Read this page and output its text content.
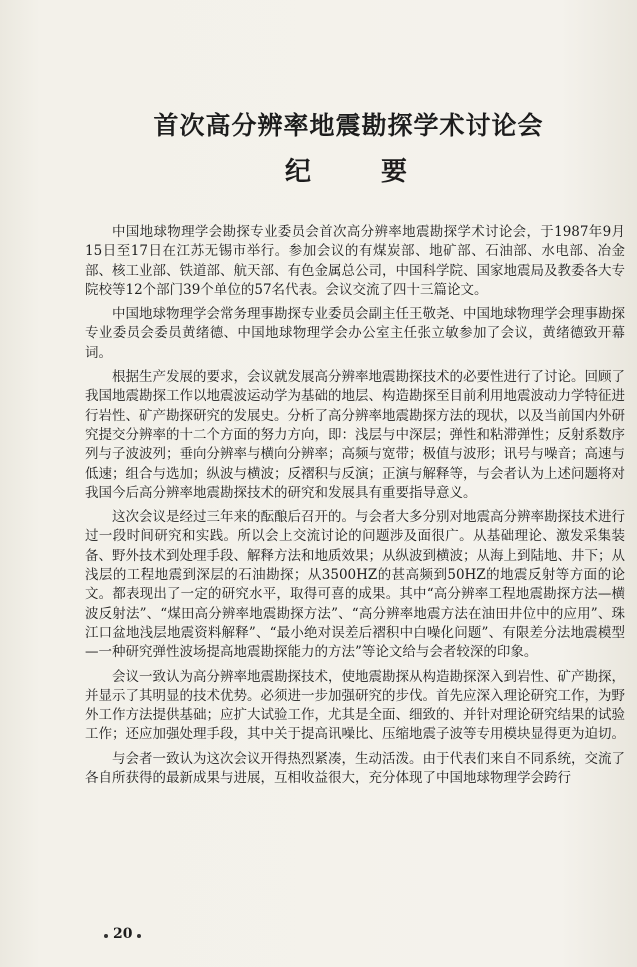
首次高分辨率地震勘探学术讨论会
纪要

中国地球物理学会勘探专业委员会首次高分辨率地震勘探学术讨论会，于1987年9月15日至17日在江苏无锡市举行。参加会议的有煤炭部、地矿部、石油部、水电部、冶金部、核工业部、铁道部、航天部、有色金属总公司，中国科学院、国家地震局及教委各大专院校等12个部门39个单位的57名代表。会议交流了四十三篇论文。

中国地球物理学会常务理事勘探专业委员会副主任王敬尧、中国地球物理学会理事勘探专业委员会委员黄绪德、中国地球物理学会办公室主任张立敏参加了会议，黄绪德致开幕词。

根据生产发展的要求，会议就发展高分辨率地震勘探技术的必要性进行了讨论。回顾了我国地震勘探工作以地震波运动学为基础的地层、构造勘探至目前利用地震波动力学特征进行岩性、矿产勘探研究的发展史。分析了高分辨率地震勘探方法的现状，以及当前国内外研究提交分辨率的十二个方面的努力方向，即：浅层与中深层；弹性和粘滞弹性；反射系数序列与子波波列；垂向分辨率与横向分辨率；高频与宽带；极值与波形；讯号与噪音；高速与低速；组合与选加；纵波与横波；反褶积与反演；正演与解释等，与会者认为上述问题将对我国今后高分辨率地震勘探技术的研究和发展具有重要指导意义。

这次会议是经过三年来的酝酿后召开的。与会者大多分别对地震高分辨率勘探技术进行过一段时间研究和实践。所以会上交流讨论的问题涉及面很广。从基础理论、激发采集装备、野外技术到处理手段、解释方法和地质效果；从纵波到横波；从海上到陆地、井下；从浅层的工程地震到深层的石油勘探；从3500HZ的甚高频到50HZ的地震反射等方面的论文。都表现出了一定的研究水平，取得可喜的成果。其中“高分辨率工程地震勘探方法—横波反射法”、“煤田高分辨率地震勘探方法”、“高分辨率地震方法在油田井位中的应用”、珠江口盆地浅层地震资料解释”、“最小绝对误差后褶积中白噪化问题”、有限差分法地震模型—一种研究弹性波场提高地震勘探能力的方法”等论文给与会者较深的印象。

会议一致认为高分辨率地震勘探技术，使地震勘探从构造勘探深入到岩性、矿产勘探，并显示了其明显的技术优势。必须进一步加强研究的步伐。首先应深入理论研究工作，为野外工作方法提供基础；应扩大试验工作，尤其是全面、细致的、并针对理论研究结果的试验工作；还应加强处理手段，其中关于提高讯噪比、压缩地震子波等专用模块显得更为迫切。

与会者一致认为这次会议开得热烈紧凑，生动活泼。由于代表们来自不同系统，交流了各自所获得的最新成果与进展，互相收益很大，充分体现了中国地球物理学会跨行

20
